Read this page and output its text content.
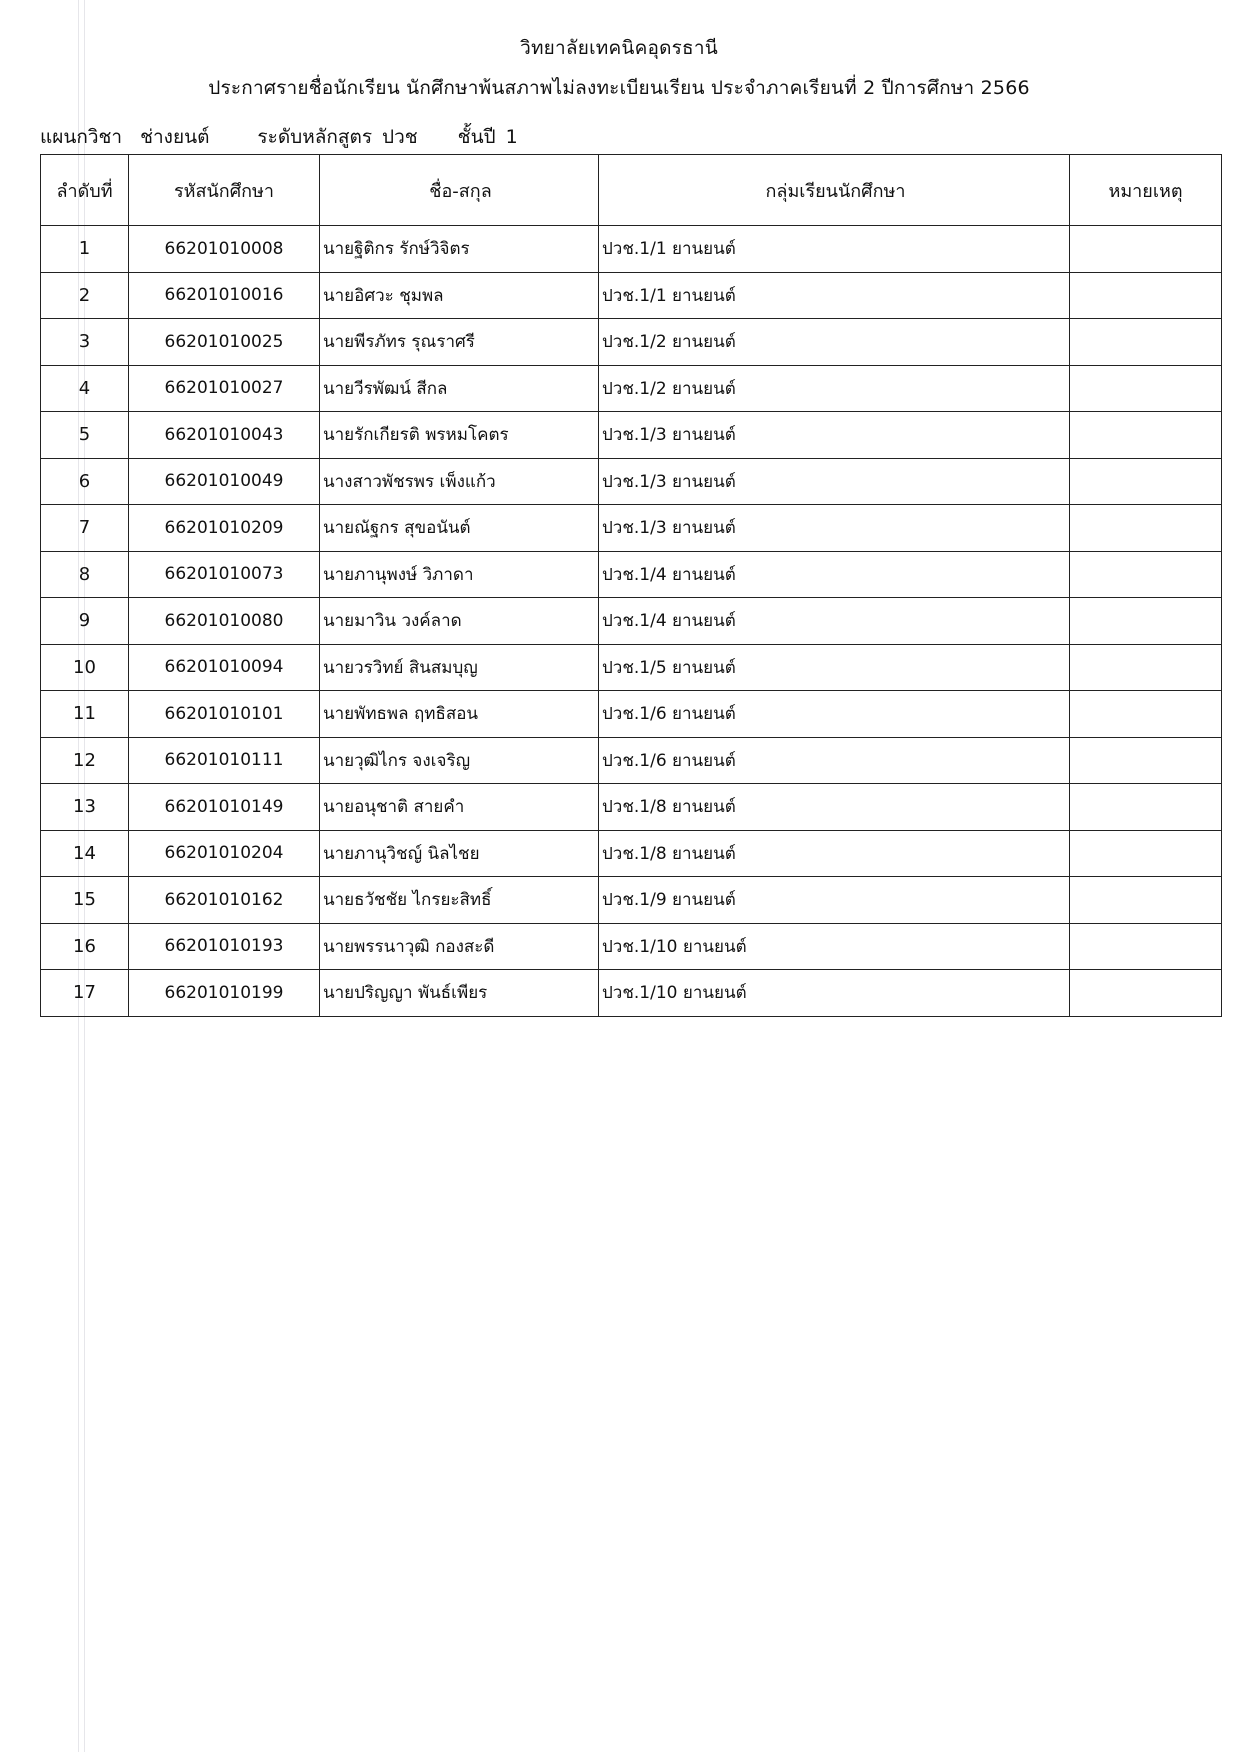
วิทยาลัยเทคนิคอุดรธานี
ประกาศรายชื่อนักเรียน นักศึกษาพ้นสภาพไม่ลงทะเบียนเรียน ประจำภาคเรียนที่ 2 ปีการศึกษา 2566
แผนกวิชา ช่างยนต์	ระดับหลักสูตร ปวช ชั้นปี 1
ลำดับที่	รหัสนักศึกษา	ชื่อ-สกุล	กลุ่มเรียนนักศึกษา	หมายเหตุ
1	66201010008	นายฐิติกร รักษ์วิจิตร	ปวช.1/1 ยานยนต์	
2	66201010016	นายอิศวะ ชุมพล	ปวช.1/1 ยานยนต์	
3	66201010025	นายพีรภัทร รุณราศรี	ปวช.1/2 ยานยนต์	
4	66201010027	นายวีรพัฒน์ สีกล	ปวช.1/2 ยานยนต์	
5	66201010043	นายรักเกียรติ พรหมโคตร	ปวช.1/3 ยานยนต์	
6	66201010049	นางสาวพัชรพร เพ็งแก้ว	ปวช.1/3 ยานยนต์	
7	66201010209	นายณัฐกร สุขอนันต์	ปวช.1/3 ยานยนต์	
8	66201010073	นายภานุพงษ์ วิภาดา	ปวช.1/4 ยานยนต์	
9	66201010080	นายมาวิน วงค์ลาด	ปวช.1/4 ยานยนต์	
10	66201010094	นายวรวิทย์ สินสมบุญ	ปวช.1/5 ยานยนต์	
11	66201010101	นายพัทธพล ฤทธิสอน	ปวช.1/6 ยานยนต์	
12	66201010111	นายวุฒิไกร จงเจริญ	ปวช.1/6 ยานยนต์	
13	66201010149	นายอนุชาติ สายคำ	ปวช.1/8 ยานยนต์	
14	66201010204	นายภานุวิชญ์ นิลไชย	ปวช.1/8 ยานยนต์	
15	66201010162	นายธวัชชัย ไกรยะสิทธิ์	ปวช.1/9 ยานยนต์	
16	66201010193	นายพรรนาวุฒิ กองสะดี	ปวช.1/10 ยานยนต์	
17	66201010199	นายปริญญา พันธ์เพียร	ปวช.1/10 ยานยนต์	
